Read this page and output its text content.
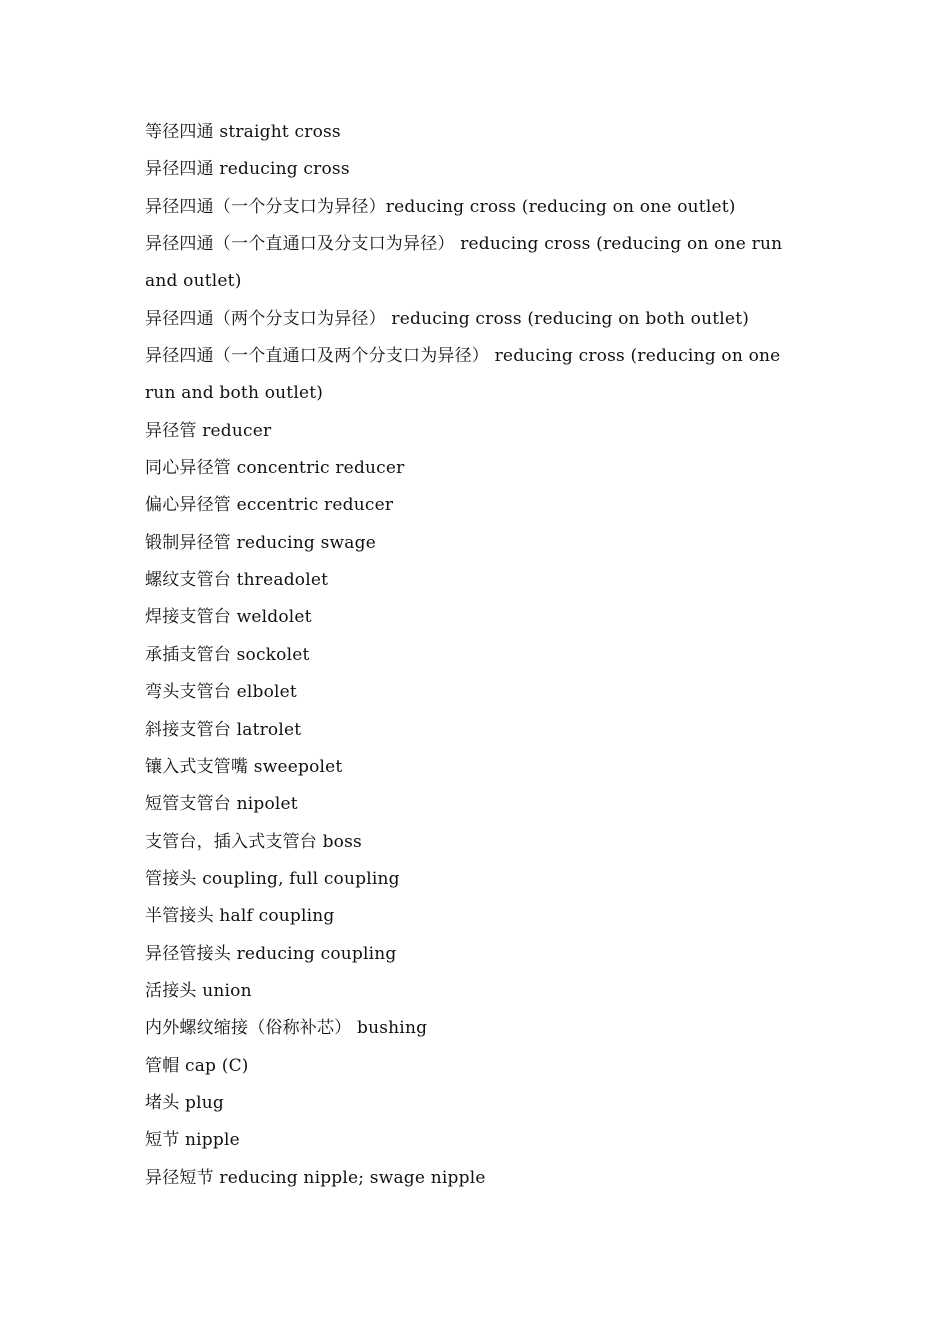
等径四通 straight cross
异径四通 reducing cross
异径四通（一个分支口为异径）reducing cross (reducing on one outlet)
异径四通（一个直通口及分支口为异径） reducing cross (reducing on one run
and outlet)
异径四通（两个分支口为异径） reducing cross (reducing on both outlet)
异径四通（一个直通口及两个分支口为异径） reducing cross (reducing on one
run and both outlet)
异径管 reducer
同心异径管 concentric reducer
偏心异径管 eccentric reducer
锻制异径管 reducing swage
螺纹支管台 threadolet
焊接支管台 weldolet
承插支管台 sockolet
弯头支管台 elbolet
斜接支管台 latrolet
镶入式支管嘴 sweepolet
短管支管台 nipolet
支管台，插入式支管台 boss
管接头 coupling, full coupling
半管接头 half coupling
异径管接头 reducing coupling
活接头 union
内外螺纹缩接（俗称补芯） bushing
管帽 cap (C)
堵头 plug
短节 nipple
异径短节 reducing nipple; swage nipple
